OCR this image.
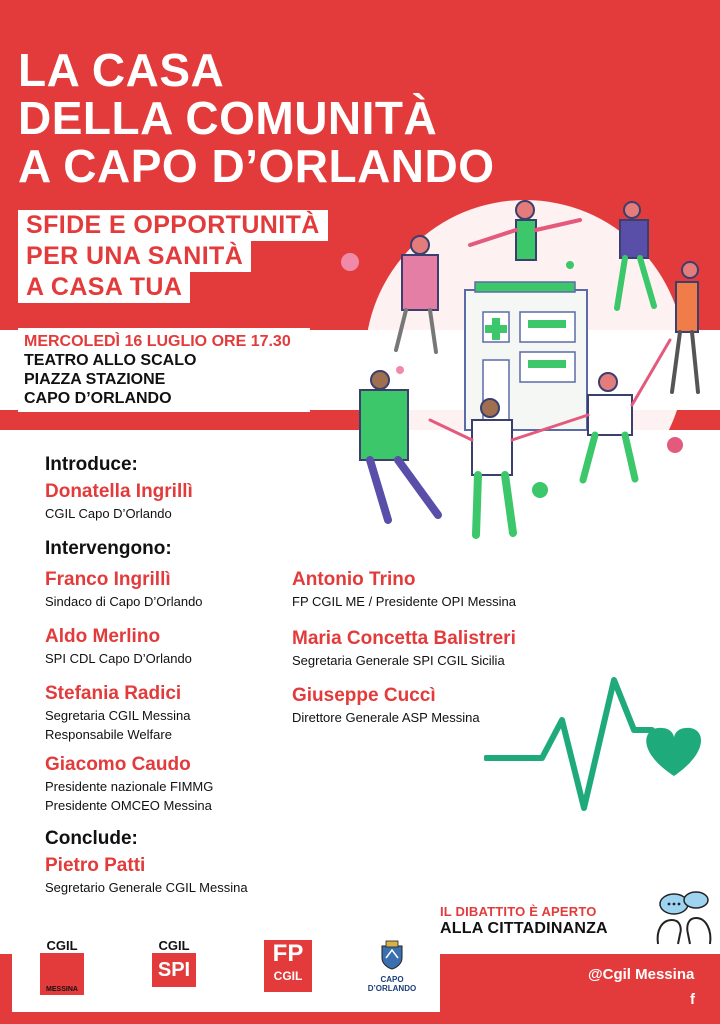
LA CASA
DELLA COMUNITÀ
A CAPO D’ORLANDO
SFIDE E OPPORTUNITÀ
PER UNA SANITÀ
A CASA TUA
MERCOLEDÌ 16 LUGLIO ORE 17.30
TEATRO ALLO SCALO
PIAZZA STAZIONE
CAPO D’ORLANDO
Introduce:
Donatella Ingrillì
CGIL Capo D’Orlando
Intervengono:
Franco Ingrillì
Sindaco di Capo D’Orlando
Aldo Merlino
SPI CDL Capo D’Orlando
Stefania Radici
Segretaria CGIL Messina
Responsabile Welfare
Giacomo Caudo
Presidente nazionale FIMMG
Presidente OMCEO Messina
Antonio Trino
FP CGIL ME / Presidente OPI Messina
Maria Concetta Balistreri
Segretaria Generale SPI CGIL Sicilia
Giuseppe Cuccì
Direttore Generale ASP Messina
Conclude:
Pietro Patti
Segretario Generale CGIL Messina
IL DIBATTITO È APERTO
ALLA CITTADINANZA
CGIL
MESSINA
CGIL
SPI
FP
CGIL	CAPO
D’ORLANDO
@Cgil Messina
f
